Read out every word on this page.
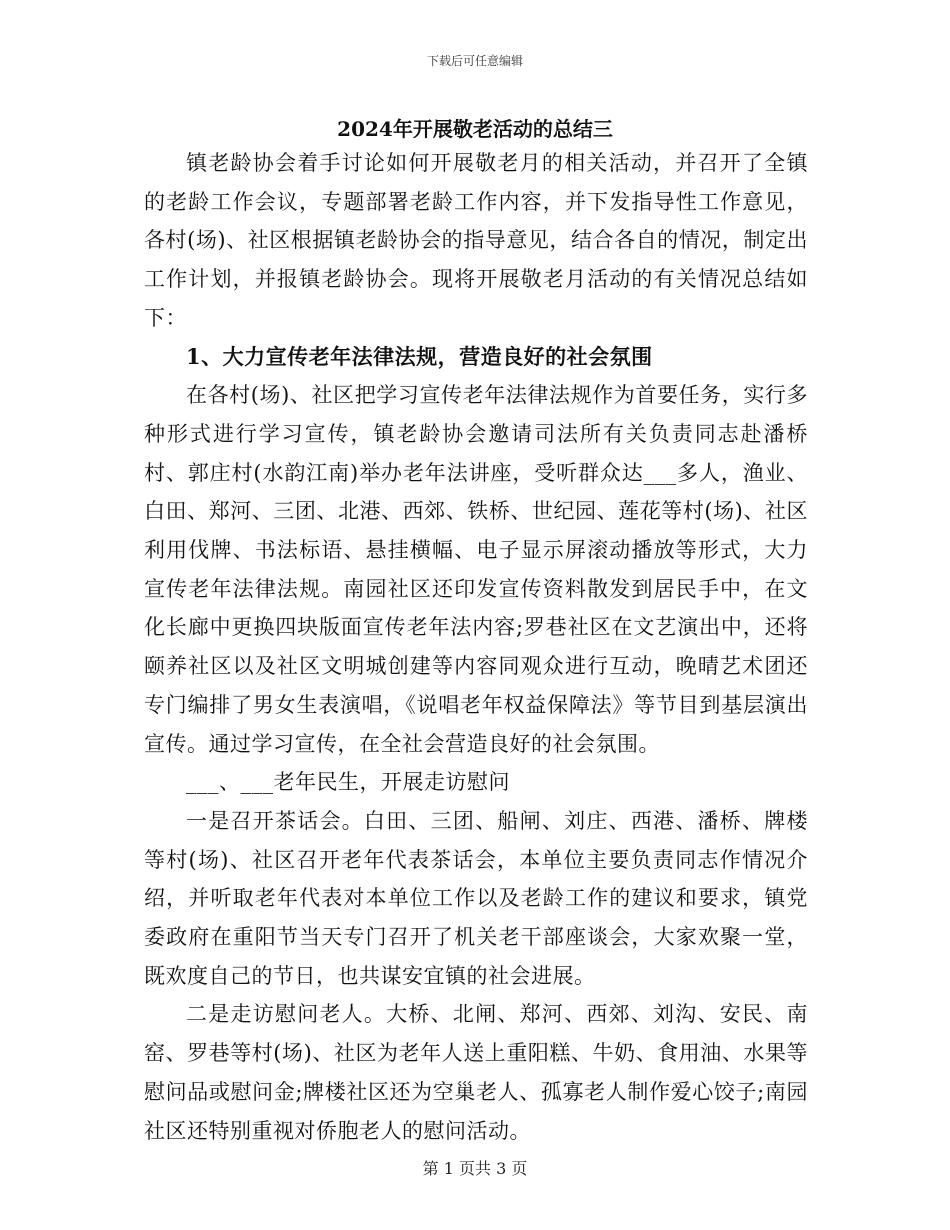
下载后可任意编辑
2024年开展敬老活动的总结三

镇老龄协会着手讨论如何开展敬老月的相关活动，并召开了全镇的老龄工作会议，专题部署老龄工作内容，并下发指导性工作意见，各村(场)、社区根据镇老龄协会的指导意见，结合各自的情况，制定出工作计划，并报镇老龄协会。现将开展敬老月活动的有关情况总结如下：

1、大力宣传老年法律法规，营造良好的社会氛围

在各村(场)、社区把学习宣传老年法律法规作为首要任务，实行多种形式进行学习宣传，镇老龄协会邀请司法所有关负责同志赴潘桥村、郭庄村(水韵江南)举办老年法讲座，受听群众达___多人，渔业、白田、郑河、三团、北港、西郊、铁桥、世纪园、莲花等村(场)、社区利用伐牌、书法标语、悬挂横幅、电子显示屏滚动播放等形式，大力宣传老年法律法规。南园社区还印发宣传资料散发到居民手中，在文化长廊中更换四块版面宣传老年法内容;罗巷社区在文艺演出中，还将颐养社区以及社区文明城创建等内容同观众进行互动，晚晴艺术团还专门编排了男女生表演唱，《说唱老年权益保障法》等节目到基层演出宣传。通过学习宣传，在全社会营造良好的社会氛围。

___、___老年民生，开展走访慰问

一是召开茶话会。白田、三团、船闸、刘庄、西港、潘桥、牌楼等村(场)、社区召开老年代表茶话会，本单位主要负责同志作情况介绍，并听取老年代表对本单位工作以及老龄工作的建议和要求，镇党委政府在重阳节当天专门召开了机关老干部座谈会，大家欢聚一堂，既欢度自己的节日，也共谋安宜镇的社会进展。

二是走访慰问老人。大桥、北闸、郑河、西郊、刘沟、安民、南窑、罗巷等村(场)、社区为老年人送上重阳糕、牛奶、食用油、水果等慰问品或慰问金;牌楼社区还为空巢老人、孤寡老人制作爱心饺子;南园社区还特别重视对侨胞老人的慰问活动。

第 1 页共 3 页
